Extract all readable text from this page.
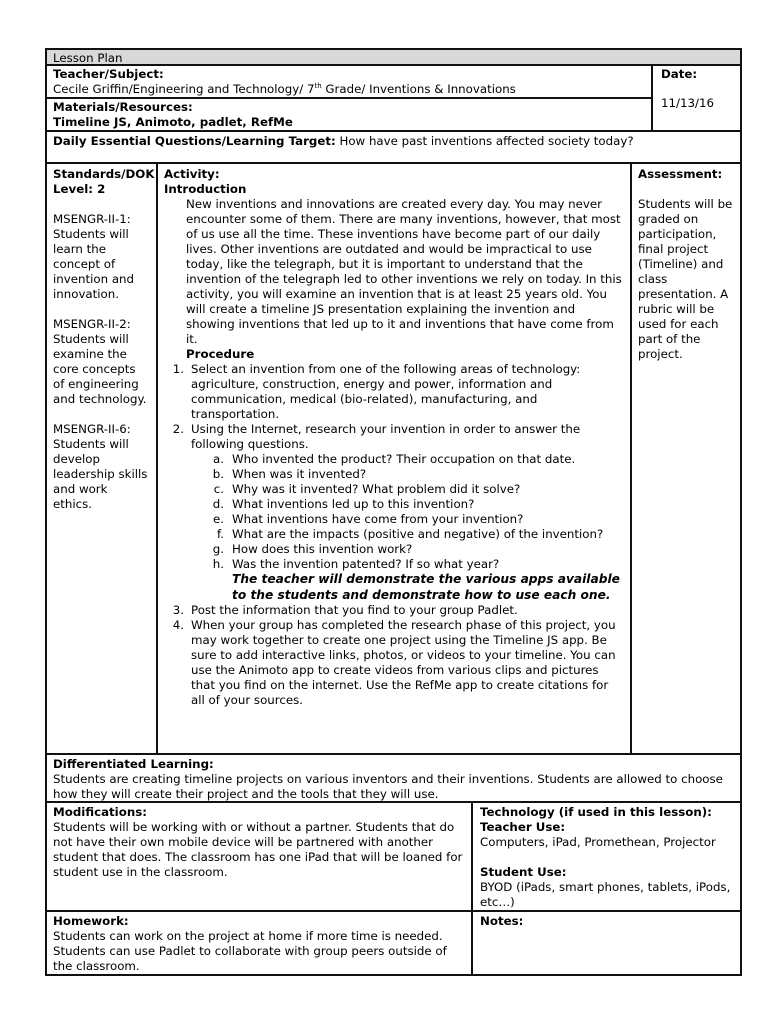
Lesson Plan
Teacher/Subject:
Cecile Griffin/Engineering and Technology/ 7th Grade/ Inventions & Innovations
Date:
11/13/16
Materials/Resources:
Timeline JS, Animoto, padlet, RefMe
Daily Essential Questions/Learning Target: How have past inventions affected society today?
Standards/DOK Level: 2
MSENGR-II-1: Students will learn the concept of invention and innovation.
MSENGR-II-2: Students will examine the core concepts of engineering and technology.
MSENGR-II-6: Students will develop leadership skills and work ethics.
Activity:
Introduction
New inventions and innovations are created every day. You may never encounter some of them. There are many inventions, however, that most of us use all the time. These inventions have become part of our daily lives. Other inventions are outdated and would be impractical to use today, like the telegraph, but it is important to understand that the invention of the telegraph led to other inventions we rely on today. In this activity, you will examine an invention that is at least 25 years old. You will create a timeline JS presentation explaining the invention and showing inventions that led up to it and inventions that have come from it.
Procedure
1. Select an invention from one of the following areas of technology: agriculture, construction, energy and power, information and communication, medical (bio-related), manufacturing, and transportation.
2. Using the Internet, research your invention in order to answer the following questions.
a. Who invented the product? Their occupation on that date.
b. When was it invented?
c. Why was it invented? What problem did it solve?
d. What inventions led up to this invention?
e. What inventions have come from your invention?
f. What are the impacts (positive and negative) of the invention?
g. How does this invention work?
h. Was the invention patented? If so what year?
The teacher will demonstrate the various apps available to the students and demonstrate how to use each one.
3. Post the information that you find to your group Padlet.
4. When your group has completed the research phase of this project, you may work together to create one project using the Timeline JS app. Be sure to add interactive links, photos, or videos to your timeline. You can use the Animoto app to create videos from various clips and pictures that you find on the internet. Use the RefMe app to create citations for all of your sources.
Assessment:
Students will be graded on participation, final project (Timeline) and class presentation. A rubric will be used for each part of the project.
Differentiated Learning:
Students are creating timeline projects on various inventors and their inventions. Students are allowed to choose how they will create their project and the tools that they will use.
Modifications:
Students will be working with or without a partner. Students that do not have their own mobile device will be partnered with another student that does. The classroom has one iPad that will be loaned for student use in the classroom.
Technology (if used in this lesson):
Teacher Use:
Computers, iPad, Promethean, Projector
Student Use:
BYOD (iPads, smart phones, tablets, iPods, etc…)
Homework:
Students can work on the project at home if more time is needed. Students can use Padlet to collaborate with group peers outside of the classroom.
Notes:
